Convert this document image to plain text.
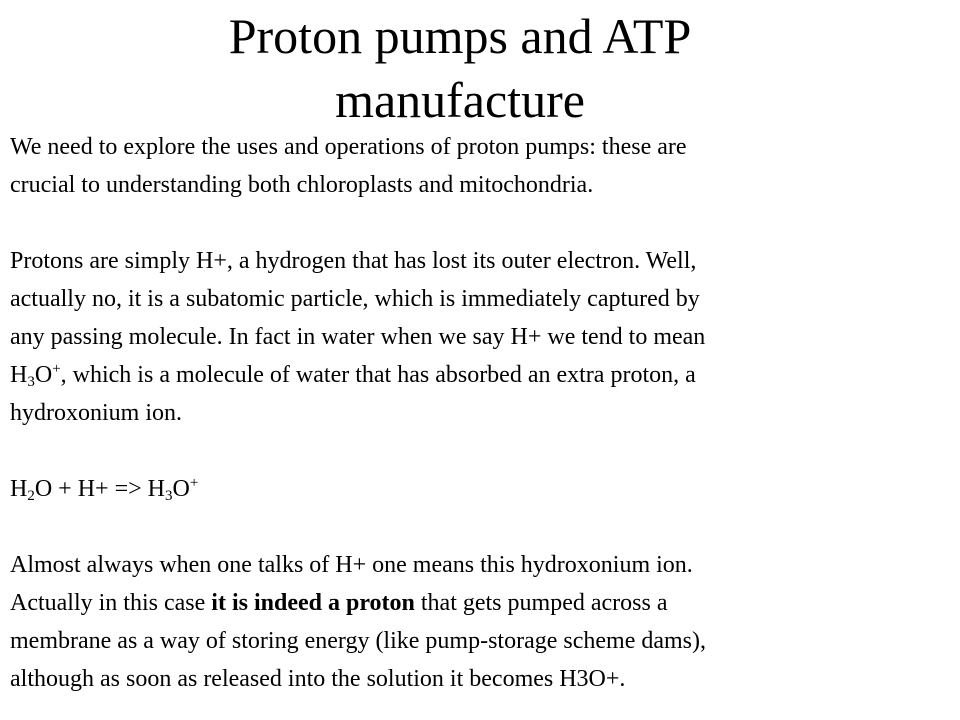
Proton pumps and ATP
manufacture

We need to explore the uses and operations of proton pumps: these are
crucial to understanding both chloroplasts and mitochondria.

Protons are simply H+, a hydrogen that has lost its outer electron. Well,
actually no, it is a subatomic particle, which is immediately captured by
any passing molecule. In fact in water when we say H+ we tend to mean
$H_3O^+$, which is a molecule of water that has absorbed an extra proton, a
hydroxonium ion.

$H_2O + H+ => H_3O^+$

Almost always when one talks of H+ one means this hydroxonium ion.
Actually in this case it is indeed a proton that gets pumped across a
membrane as a way of storing energy (like pump-storage scheme dams),
although as soon as released into the solution it becomes H3O+.
